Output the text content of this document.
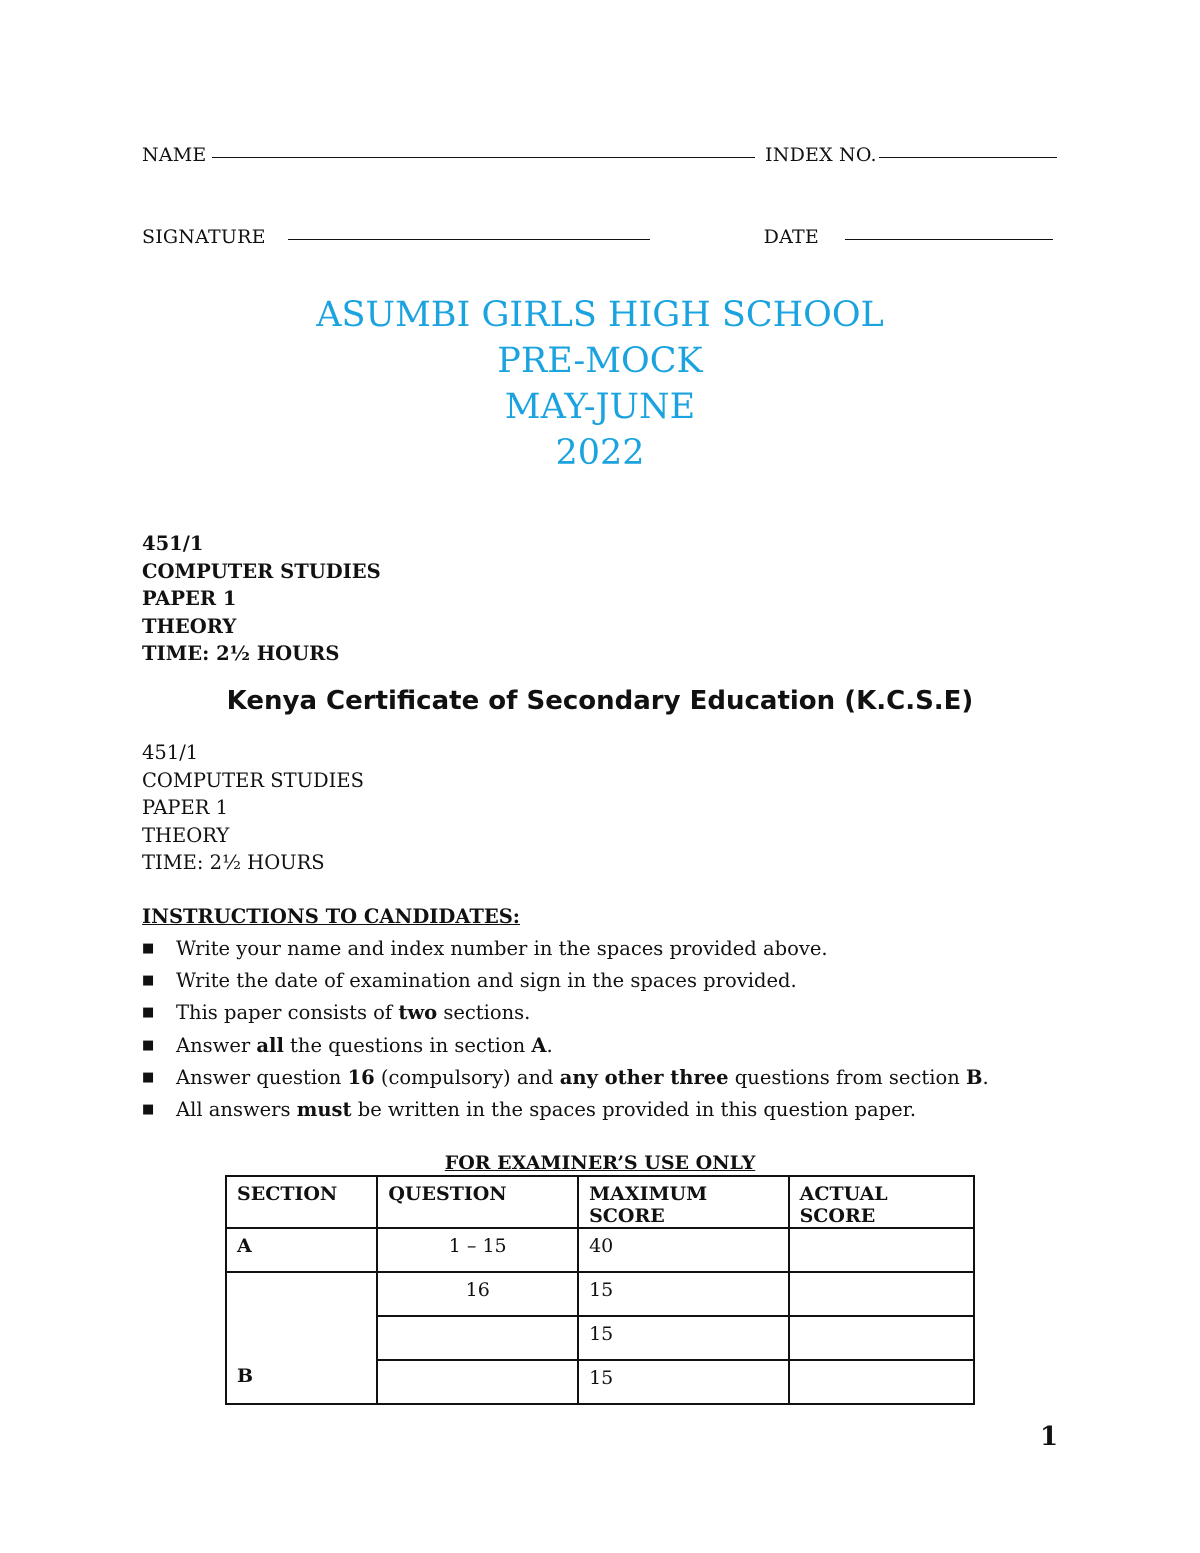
NAME	INDEX NO.
SIGNATURE	DATE
ASUMBI GIRLS HIGH SCHOOL
PRE-MOCK
MAY-JUNE
2022
451/1
COMPUTER STUDIES
PAPER 1
THEORY
TIME: 2½ HOURS
Kenya Certificate of Secondary Education (K.C.S.E)
451/1
COMPUTER STUDIES
PAPER 1
THEORY
TIME: 2½ HOURS
INSTRUCTIONS TO CANDIDATES:
■	Write your name and index number in the spaces provided above.
■	Write the date of examination and sign in the spaces provided.
■	This paper consists of two sections.
■	Answer all the questions in section A.
■	Answer question 16 (compulsory) and any other three questions from section B.
■	All answers must be written in the spaces provided in this question paper.
FOR EXAMINER’S USE ONLY
SECTION	QUESTION	MAXIMUM SCORE	ACTUAL SCORE
A	1 – 15	40	
B	16	15	
		15	
		15	
1
